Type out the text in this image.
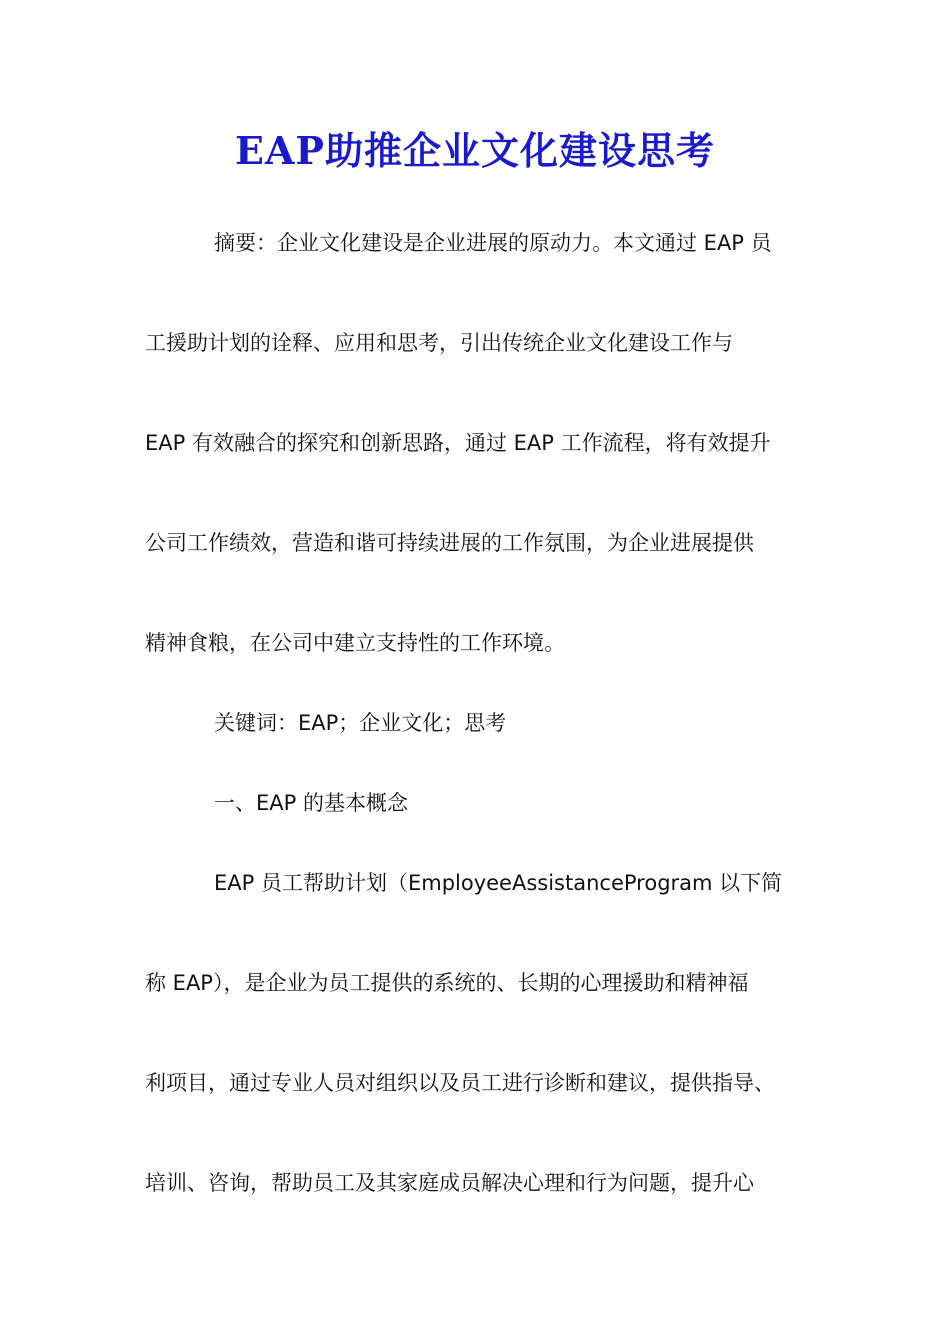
EAP助推企业文化建设思考

摘要：企业文化建设是企业进展的原动力。本文通过 EAP 员

工援助计划的诠释、应用和思考，引出传统企业文化建设工作与

EAP 有效融合的探究和创新思路，通过 EAP 工作流程，将有效提升

公司工作绩效，营造和谐可持续进展的工作氛围，为企业进展提供

精神食粮，在公司中建立支持性的工作环境。

关键词：EAP；企业文化；思考

一、EAP 的基本概念

EAP 员工帮助计划（EmployeeAssistanceProgram 以下简

称 EAP），是企业为员工提供的系统的、长期的心理援助和精神福

利项目，通过专业人员对组织以及员工进行诊断和建议，提供指导、

培训、咨询，帮助员工及其家庭成员解决心理和行为问题，提升心
